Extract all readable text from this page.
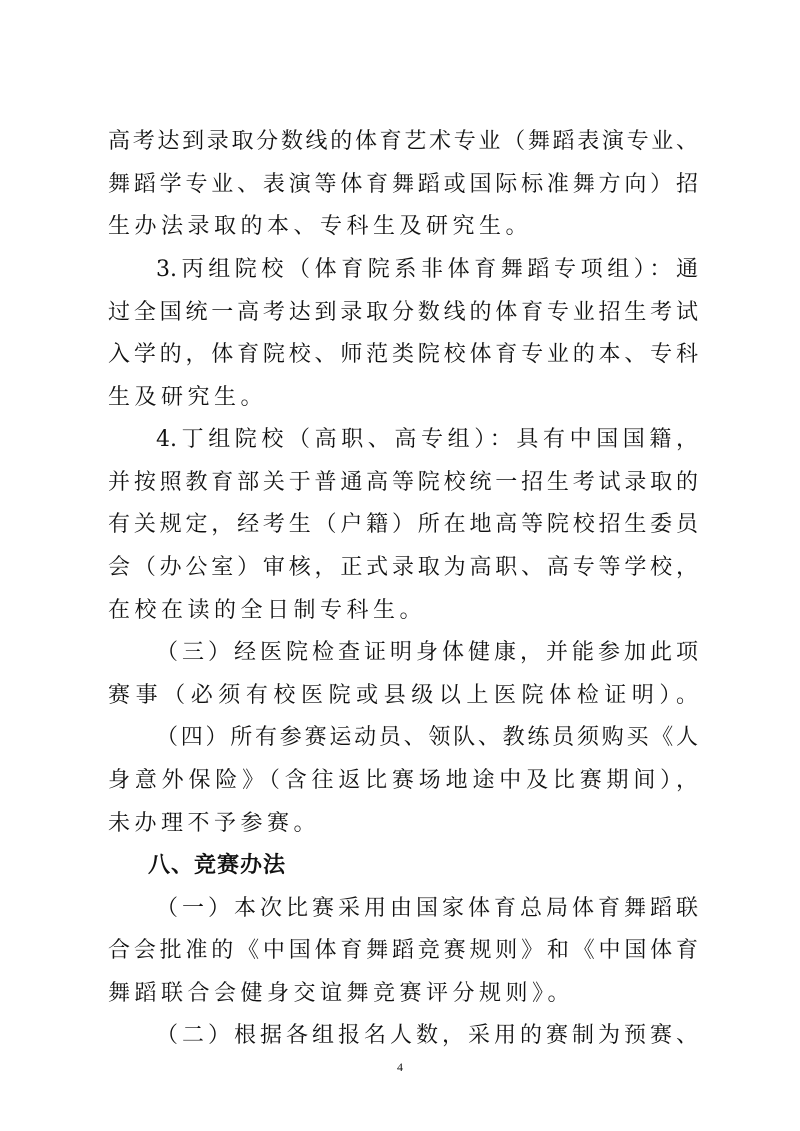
高考达到录取分数线的体育艺术专业（舞蹈表演专业、
舞蹈学专业、表演等体育舞蹈或国际标准舞方向）招
生办法录取的本、专科生及研究生。
3.丙组院校（体育院系非体育舞蹈专项组）：通
过全国统一高考达到录取分数线的体育专业招生考试
入学的，体育院校、师范类院校体育专业的本、专科
生及研究生。
4.丁组院校（高职、高专组）：具有中国国籍，
并按照教育部关于普通高等院校统一招生考试录取的
有关规定，经考生（户籍）所在地高等院校招生委员
会（办公室）审核，正式录取为高职、高专等学校，
在校在读的全日制专科生。
（三）经医院检查证明身体健康，并能参加此项
赛事（必须有校医院或县级以上医院体检证明）。
（四）所有参赛运动员、领队、教练员须购买《人
身意外保险》（含往返比赛场地途中及比赛期间），
未办理不予参赛。
八、竞赛办法
（一）本次比赛采用由国家体育总局体育舞蹈联
合会批准的《中国体育舞蹈竞赛规则》和《中国体育
舞蹈联合会健身交谊舞竞赛评分规则》。
（二）根据各组报名人数，采用的赛制为预赛、
4
